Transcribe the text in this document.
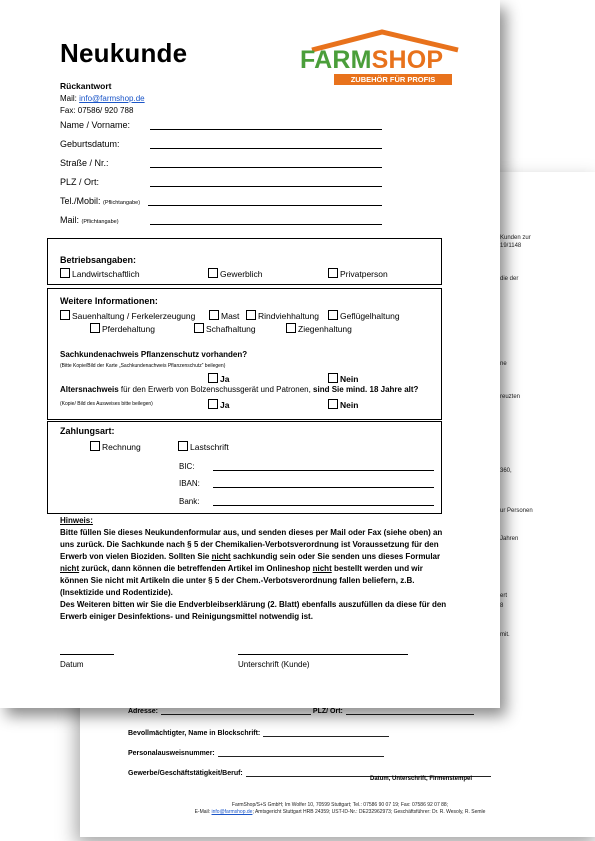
Kunden zur
19/1148
die der
ne
reuzten
360,
ur Personen
Jahren
ert
8
mit.
Adresse:	PLZ/ Ort:
Bevollmächtigter, Name in Blockschrift:
Personalausweisnummer:
Gewerbe/Geschäftstätigkeit/Beruf:
Datum, Unterschrift, Firmenstempel
FarmShop/S+S GmbH; Im Wolfer 10, 70599 Stuttgart; Tel.: 07586 90 07 19; Fax: 07586 92 07 88;
E-Mail: info@farmshop.de; Amtsgericht Stuttgart HRB 24359; UST-ID-Nr.: DE232962973; Geschäftsführer: Dr. R. Wesoly, R. Semle
Neukunde	FARMSHOP
ZUBEHÖR FÜR PROFIS
Rückantwort
Mail: info@farmshop.de
Fax: 07586/ 920 788
Name / Vorname:
Geburtsdatum:
Straße / Nr.:
PLZ / Ort:
Tel./Mobil: (Pflichtangabe)
Mail: (Pflichtangabe)
Betriebsangaben:
Landwirtschaftlich	Gewerblich	Privatperson
Weitere Informationen:
Sauenhaltung / Ferkelerzeugung	Mast	Rindviehhaltung	Geflügelhaltung
Pferdehaltung	Schafhaltung	Ziegenhaltung
Sachkundenachweis Pflanzenschutz vorhanden?
(Bitte Kopie/Bild der Karte „Sachkundenachweis Pflanzenschutz“ beilegen)
Ja	Nein
Altersnachweis für den Erwerb von Bolzenschussgerät und Patronen, sind Sie mind. 18 Jahre alt?
(Kopie/ Bild des Ausweises bitte beilegen)	Ja	Nein
Zahlungsart:
Rechnung	Lastschrift
BIC:
IBAN:
Bank:
Hinweis:
Bitte füllen Sie dieses Neukundenformular aus, und senden dieses per Mail oder Fax (siehe oben) an uns zurück. Die Sachkunde nach § 5 der Chemikalien-Verbotsverordnung ist Voraussetzung für den Erwerb von vielen Bioziden. Sollten Sie nicht sachkundig sein oder Sie senden uns dieses Formular nicht zurück, dann können die betreffenden Artikel im Onlineshop nicht bestellt werden und wir können Sie nicht mit Artikeln die unter § 5 der Chem.-Verbotsverordnung fallen beliefern, z.B. (Insektizide und Rodentizide).
Des Weiteren bitten wir Sie die Endverbleibserklärung (2. Blatt) ebenfalls auszufüllen da diese für den Erwerb einiger Desinfektions- und Reinigungsmittel notwendig ist.
Datum	Unterschrift (Kunde)
